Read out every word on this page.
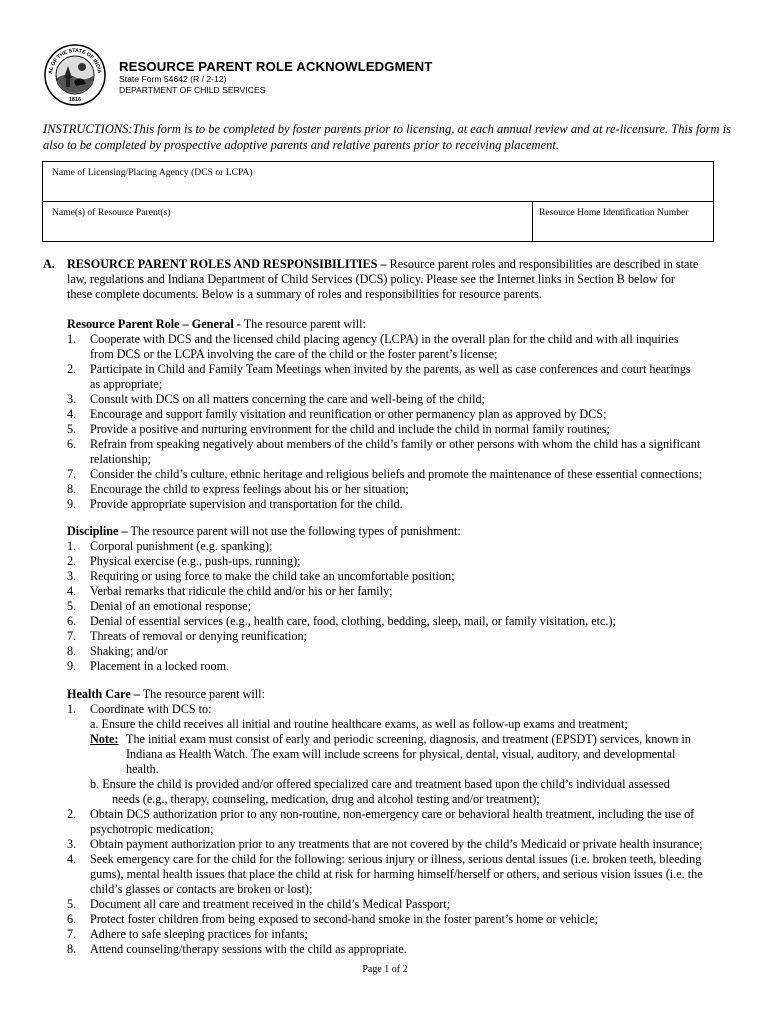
AL OF THE STATE OF INDIA
1816
RESOURCE PARENT ROLE ACKNOWLEDGMENT
State Form 54642 (R / 2-12)
DEPARTMENT OF CHILD SERVICES
INSTRUCTIONS:This form is to be completed by foster parents prior to licensing, at each annual review and at re-licensure. This form is also to be completed by prospective adoptive parents and relative parents prior to receiving placement.
Name of Licensing/Placing Agency (DCS or LCPA)
Name(s) of Resource Parent(s)	Resource Home Identification Number
A. RESOURCE PARENT ROLES AND RESPONSIBILITIES – Resource parent roles and responsibilities are described in state
law, regulations and Indiana Department of Child Services (DCS) policy. Please see the Internet links in Section B below for
these complete documents. Below is a summary of roles and responsibilities for resource parents.
Resource Parent Role – General - The resource parent will:
1. Cooperate with DCS and the licensed child placing agency (LCPA) in the overall plan for the child and with all inquiries
from DCS or the LCPA involving the care of the child or the foster parent’s license;
2. Participate in Child and Family Team Meetings when invited by the parents, as well as case conferences and court hearings
as appropriate;
3. Consult with DCS on all matters concerning the care and well-being of the child;
4. Encourage and support family visitation and reunification or other permanency plan as approved by DCS;
5. Provide a positive and nurturing environment for the child and include the child in normal family routines;
6. Refrain from speaking negatively about members of the child’s family or other persons with whom the child has a significant
relationship;
7. Consider the child’s culture, ethnic heritage and religious beliefs and promote the maintenance of these essential connections;
8. Encourage the child to express feelings about his or her situation;
9. Provide appropriate supervision and transportation for the child.
Discipline – The resource parent will not use the following types of punishment:
1. Corporal punishment (e.g. spanking);
2. Physical exercise (e.g., push-ups, running);
3. Requiring or using force to make the child take an uncomfortable position;
4. Verbal remarks that ridicule the child and/or his or her family;
5. Denial of an emotional response;
6. Denial of essential services (e.g., health care, food, clothing, bedding, sleep, mail, or family visitation, etc.);
7. Threats of removal or denying reunification;
8. Shaking; and/or
9. Placement in a locked room.
Health Care – The resource parent will:
1. Coordinate with DCS to:
a. Ensure the child receives all initial and routine healthcare exams, as well as follow-up exams and treatment;
Note: The initial exam must consist of early and periodic screening, diagnosis, and treatment (EPSDT) services, known in
Indiana as Health Watch. The exam will include screens for physical, dental, visual, auditory, and developmental
health.
b. Ensure the child is provided and/or offered specialized care and treatment based upon the child’s individual assessed
needs (e.g., therapy, counseling, medication, drug and alcohol testing and/or treatment);
2. Obtain DCS authorization prior to any non-routine, non-emergency care or behavioral health treatment, including the use of
psychotropic medication;
3. Obtain payment authorization prior to any treatments that are not covered by the child’s Medicaid or private health insurance;
4. Seek emergency care for the child for the following: serious injury or illness, serious dental issues (i.e. broken teeth, bleeding
gums), mental health issues that place the child at risk for harming himself/herself or others, and serious vision issues (i.e. the
child’s glasses or contacts are broken or lost);
5. Document all care and treatment received in the child’s Medical Passport;
6. Protect foster children from being exposed to second-hand smoke in the foster parent’s home or vehicle;
7. Adhere to safe sleeping practices for infants;
8. Attend counseling/therapy sessions with the child as appropriate.
Page 1 of 2
